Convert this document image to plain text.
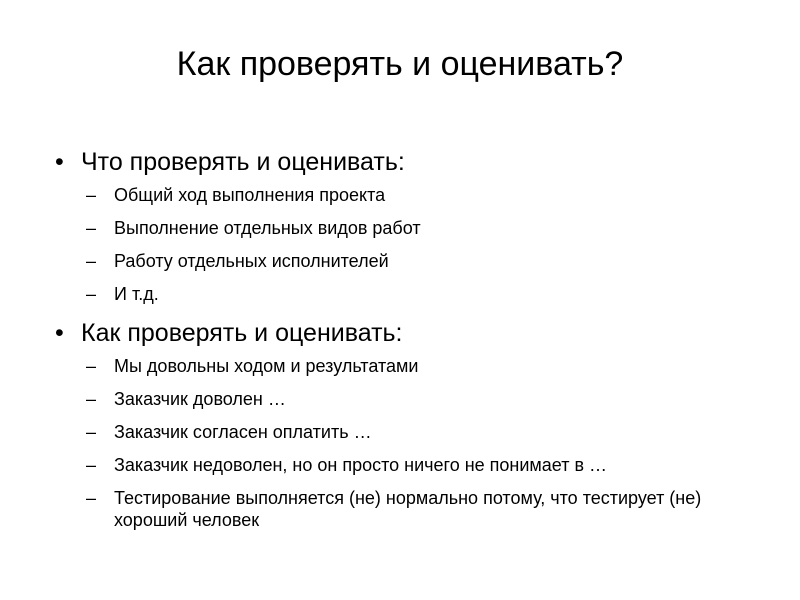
Как проверять и оценивать?
• Что проверять и оценивать:
– Общий ход выполнения проекта
– Выполнение отдельных видов работ
– Работу отдельных исполнителей
– И т.д.
• Как проверять и оценивать:
– Мы довольны ходом и результатами
– Заказчик доволен …
– Заказчик согласен оплатить …
– Заказчик недоволен, но он просто ничего не понимает в …
– Тестирование выполняется (не) нормально потому, что тестирует (не) хороший человек
